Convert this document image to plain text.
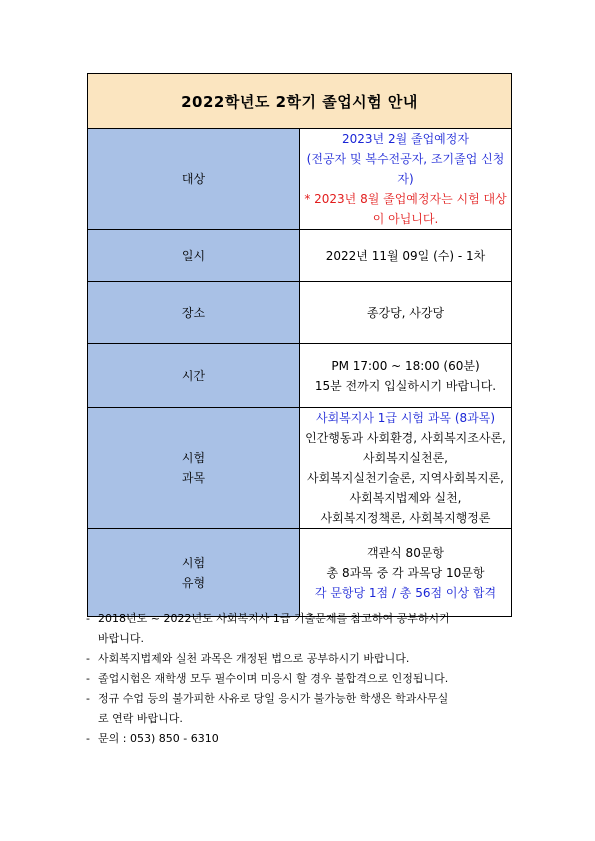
2022학년도 2학기 졸업시험 안내	
대상	2023년 2월 졸업예정자
(전공자 및 복수전공자, 조기졸업 신청자)
* 2023년 8월 졸업예정자는 시험 대상이 아닙니다.

일시	2022년 11월 09일 (수) - 1차
장소	종강당, 사강당
시간	PM 17:00 ~ 18:00 (60분)
15분 전까지 입실하시기 바랍니다.

시험
과목	사회복지사 1급 시험 과목 (8과목)
인간행동과 사회환경, 사회복지조사론, 사회복지실천론,
사회복지실천기술론, 지역사회복지론, 사회복지법제와 실천,
사회복지정책론, 사회복지행정론

시험
유형	객관식 80문항
총 8과목 중 각 과목당 10문항
각 문항당 1점 / 총 56점 이상 합격
- 2018년도 ~ 2022년도 사회복지사 1급 기출문제를 참고하여 공부하시기
바랍니다.
- 사회복지법제와 실천 과목은 개정된 법으로 공부하시기 바랍니다.
- 졸업시험은 재학생 모두 필수이며 미응시 할 경우 불합격으로 인정됩니다.
- 정규 수업 등의 불가피한 사유로 당일 응시가 불가능한 학생은 학과사무실
로 연락 바랍니다.
- 문의 : 053) 850 - 6310
